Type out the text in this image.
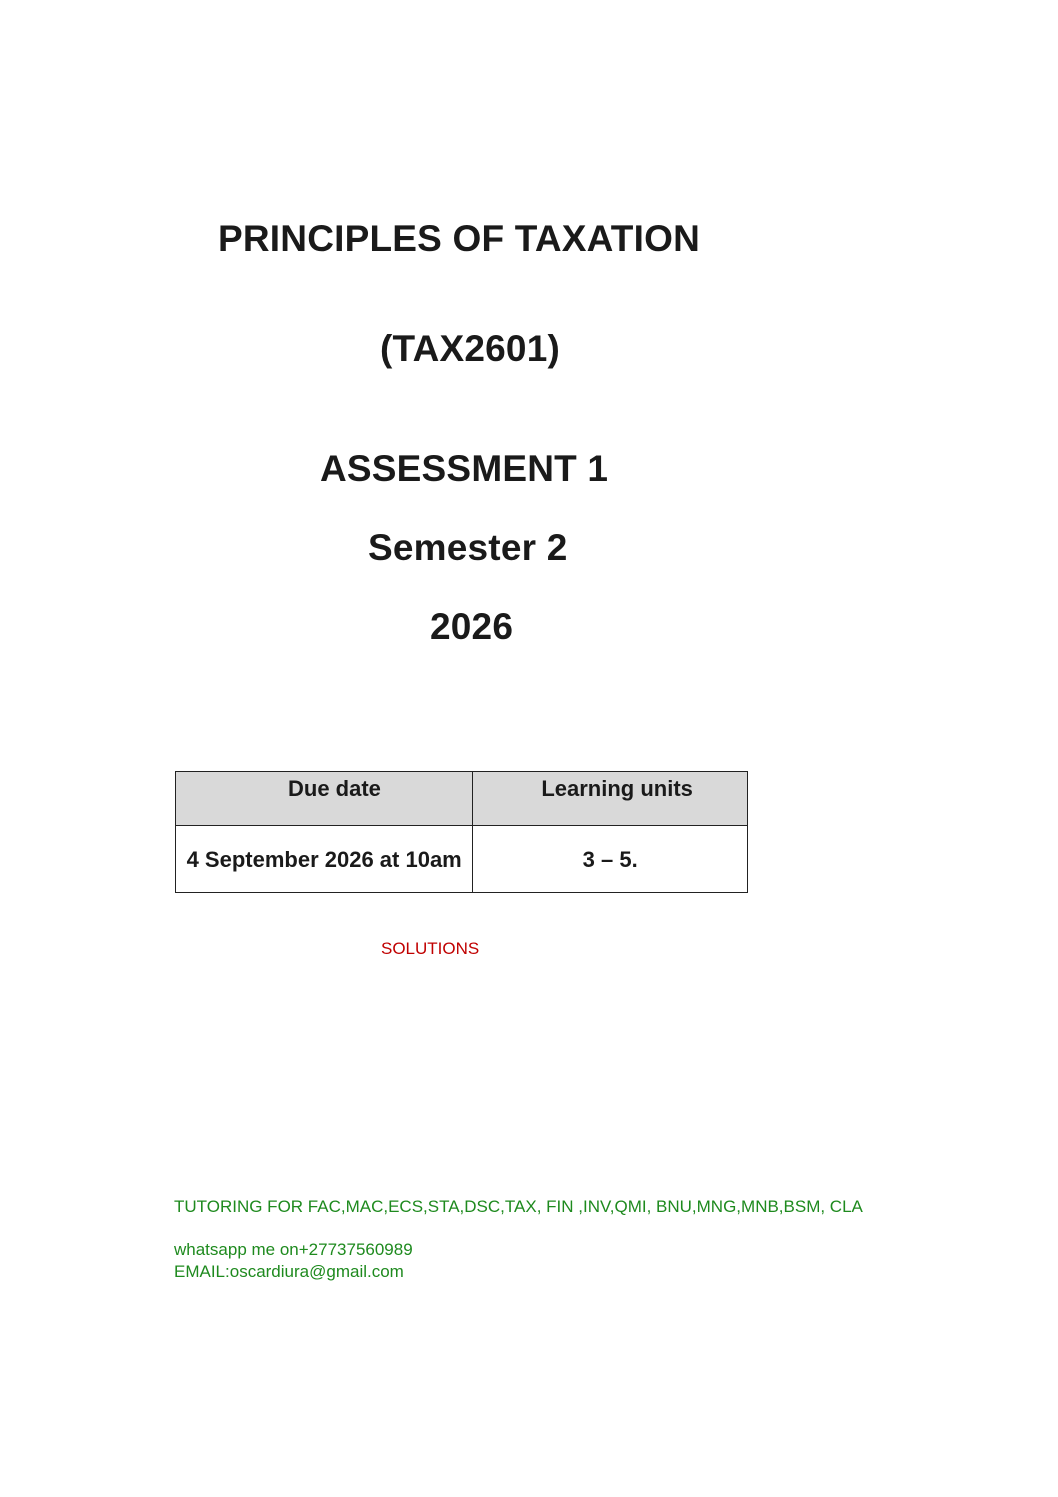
PRINCIPLES OF TAXATION
(TAX2601)
ASSESSMENT 1
Semester 2
2026
Due date	Learning units
4 September 2026 at 10am	3 – 5.
SOLUTIONS
TUTORING FOR FAC,MAC,ECS,STA,DSC,TAX, FIN ,INV,QMI, BNU,MNG,MNB,BSM, CLA
whatsapp me on+27737560989
EMAIL:oscardiura@gmail.com
